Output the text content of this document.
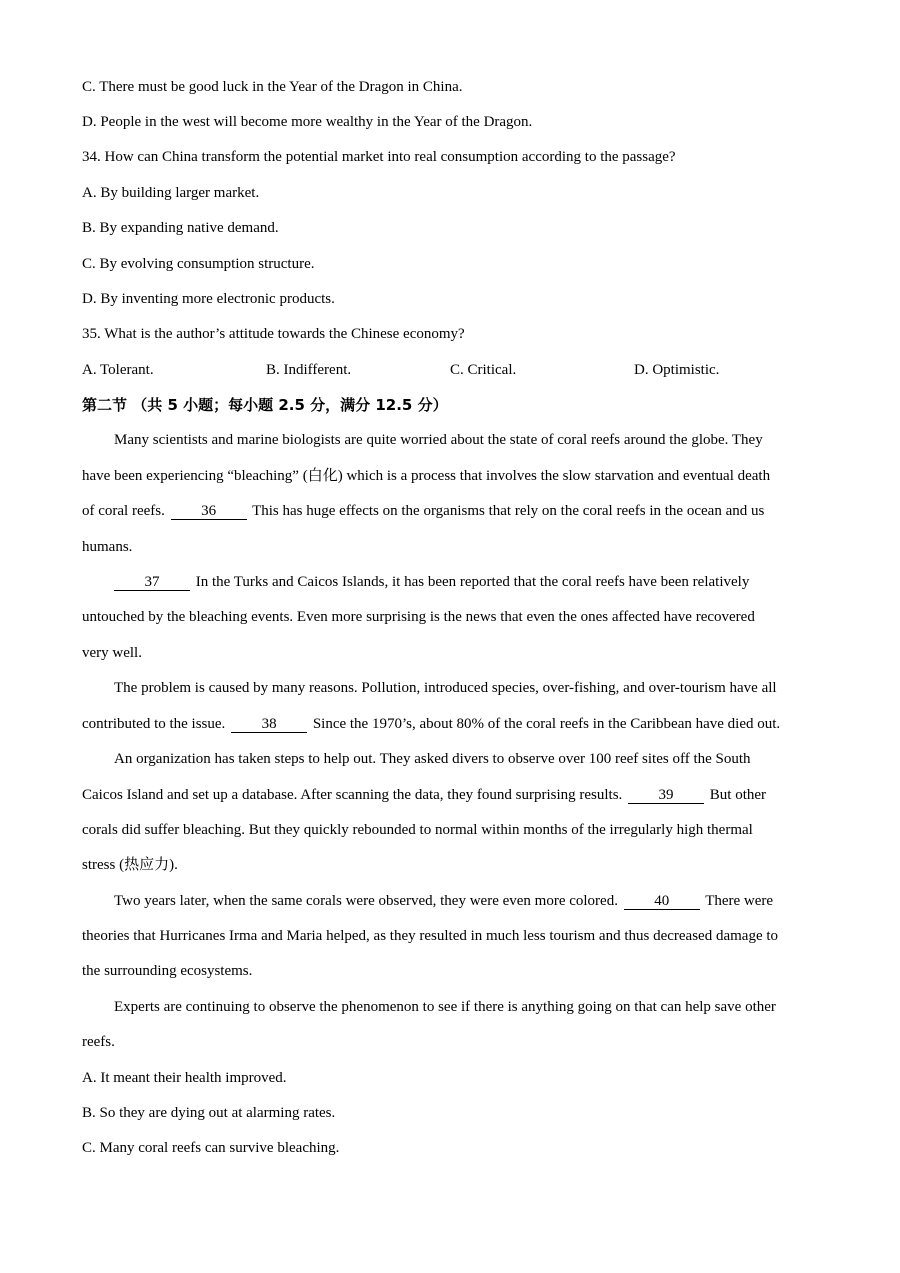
C. There must be good luck in the Year of the Dragon in China.
D. People in the west will become more wealthy in the Year of the Dragon.
34. How can China transform the potential market into real consumption according to the passage?
A. By building larger market.
B. By expanding native demand.
C. By evolving consumption structure.
D. By inventing more electronic products.
35. What is the author’s attitude towards the Chinese economy?
A. Tolerant.	B. Indifferent.	C. Critical.	D. Optimistic.
第二节 （共 5 小题；每小题 2.5 分，满分 12.5 分）
Many scientists and marine biologists are quite worried about the state of coral reefs around the globe. They
have been experiencing “bleaching” (白化) which is a process that involves the slow starvation and eventual death
of coral reefs. 36 This has huge effects on the organisms that rely on the coral reefs in the ocean and us
humans.
37 In the Turks and Caicos Islands, it has been reported that the coral reefs have been relatively
untouched by the bleaching events. Even more surprising is the news that even the ones affected have recovered
very well.
The problem is caused by many reasons. Pollution, introduced species, over-fishing, and over-tourism have all
contributed to the issue. 38 Since the 1970’s, about 80% of the coral reefs in the Caribbean have died out.
An organization has taken steps to help out. They asked divers to observe over 100 reef sites off the South
Caicos Island and set up a database. After scanning the data, they found surprising results. 39 But other
corals did suffer bleaching. But they quickly rebounded to normal within months of the irregularly high thermal
stress (热应力).
Two years later, when the same corals were observed, they were even more colored. 40 There were
theories that Hurricanes Irma and Maria helped, as they resulted in much less tourism and thus decreased damage to
the surrounding ecosystems.
Experts are continuing to observe the phenomenon to see if there is anything going on that can help save other
reefs.
A. It meant their health improved.
B. So they are dying out at alarming rates.
C. Many coral reefs can survive bleaching.
